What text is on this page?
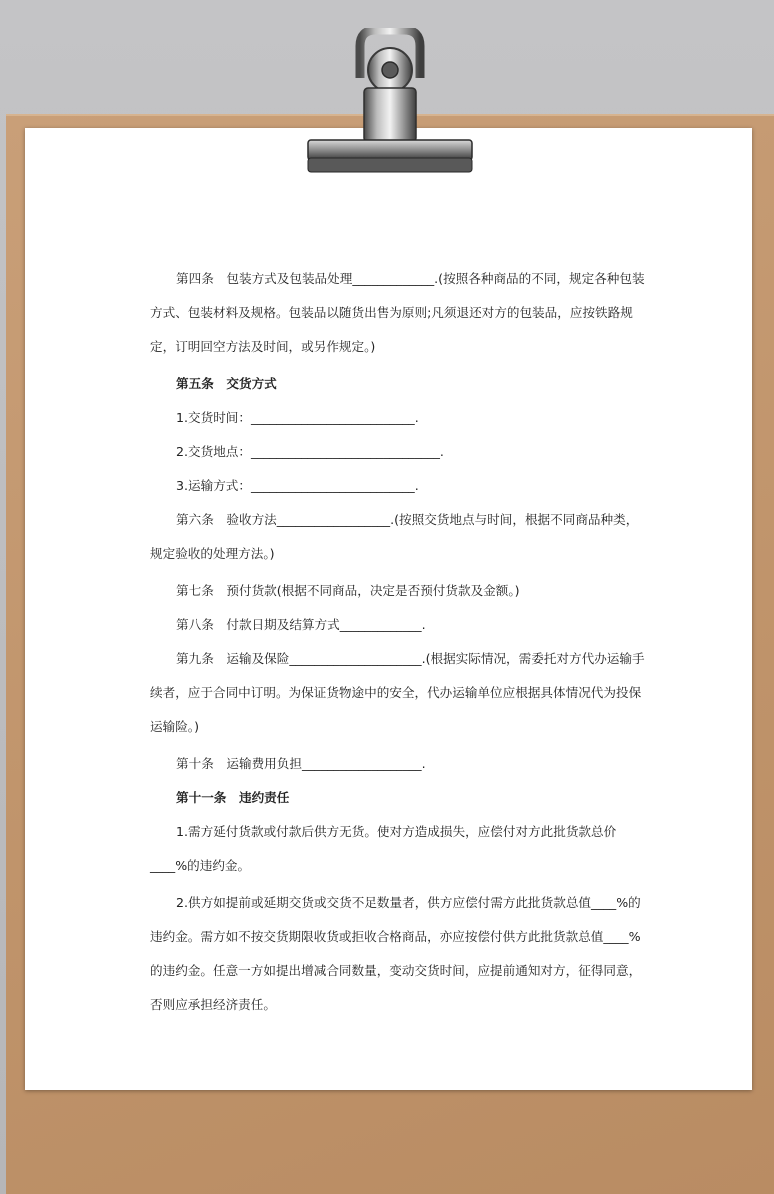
第四条　包装方式及包装品处理_____________.(按照各种商品的不同，规定各种包装

方式、包装材料及规格。包装品以随货出售为原则;凡须退还对方的包装品，应按铁路规

定，订明回空方法及时间，或另作规定。)

第五条　交货方式

1.交货时间：__________________________.

2.交货地点：______________________________.

3.运输方式：__________________________.

第六条　验收方法__________________.(按照交货地点与时间，根据不同商品种类，

规定验收的处理方法。)

第七条　预付货款(根据不同商品，决定是否预付货款及金额。)

第八条　付款日期及结算方式_____________.

第九条　运输及保险_____________________.(根据实际情况，需委托对方代办运输手

续者，应于合同中订明。为保证货物途中的安全，代办运输单位应根据具体情况代为投保

运输险。)

第十条　运输费用负担___________________.

第十一条　违约责任

1.需方延付货款或付款后供方无货。使对方造成损失，应偿付对方此批货款总价

____%的违约金。

2.供方如提前或延期交货或交货不足数量者，供方应偿付需方此批货款总值____%的

违约金。需方如不按交货期限收货或拒收合格商品，亦应按偿付供方此批货款总值____%

的违约金。任意一方如提出增减合同数量，变动交货时间，应提前通知对方，征得同意，

否则应承担经济责任。
